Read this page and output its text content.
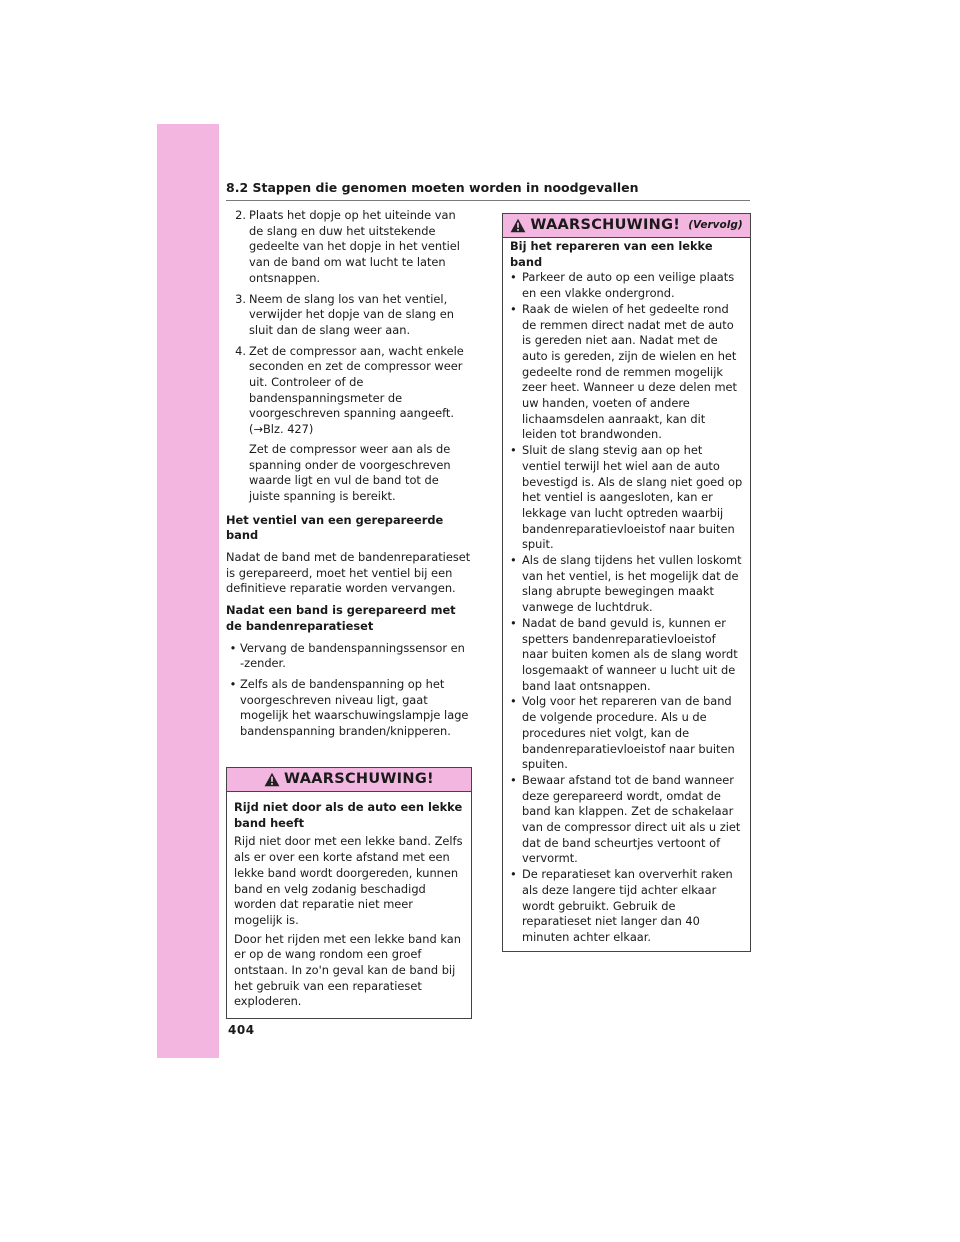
8.2 Stappen die genomen moeten worden in noodgevallen
2. Plaats het dopje op het uiteinde van de slang en duw het uitstekende gedeelte van het dopje in het ventiel van de band om wat lucht te laten ontsnappen.
3. Neem de slang los van het ventiel, verwijder het dopje van de slang en sluit dan de slang weer aan.
4. Zet de compressor aan, wacht enkele seconden en zet de compressor weer uit. Controleer of de bandenspanningsmeter de voorgeschreven spanning aangeeft. (→Blz. 427)
Zet de compressor weer aan als de spanning onder de voorgeschreven waarde ligt en vul de band tot de juiste spanning is bereikt.

Het ventiel van een gerepareerde band

Nadat de band met de bandenreparatieset is gerepareerd, moet het ventiel bij een definitieve reparatie worden vervangen.

Nadat een band is gerepareerd met de bandenreparatieset

• Vervang de bandenspanningssensor en -zender.
• Zelfs als de bandenspanning op het voorgeschreven niveau ligt, gaat mogelijk het waarschuwingslampje lage bandenspanning branden/knipperen.
WAARSCHUWING!

Rijd niet door als de auto een lekke band heeft

Rijd niet door met een lekke band. Zelfs als er over een korte afstand met een lekke band wordt doorgereden, kunnen band en velg zodanig beschadigd worden dat reparatie niet meer mogelijk is.

Door het rijden met een lekke band kan er op de wang rondom een groef ontstaan. In zo'n geval kan de band bij het gebruik van een reparatieset exploderen.

WAARSCHUWING! (Vervolg)

Bij het repareren van een lekke band

• Parkeer de auto op een veilige plaats en een vlakke ondergrond.
• Raak de wielen of het gedeelte rond de remmen direct nadat met de auto is gereden niet aan. Nadat met de auto is gereden, zijn de wielen en het gedeelte rond de remmen mogelijk zeer heet. Wanneer u deze delen met uw handen, voeten of andere lichaamsdelen aanraakt, kan dit leiden tot brandwonden.
• Sluit de slang stevig aan op het ventiel terwijl het wiel aan de auto bevestigd is. Als de slang niet goed op het ventiel is aangesloten, kan er lekkage van lucht optreden waarbij bandenreparatievloeistof naar buiten spuit.
• Als de slang tijdens het vullen loskomt van het ventiel, is het mogelijk dat de slang abrupte bewegingen maakt vanwege de luchtdruk.
• Nadat de band gevuld is, kunnen er spetters bandenreparatievloeistof naar buiten komen als de slang wordt losgemaakt of wanneer u lucht uit de band laat ontsnappen.
• Volg voor het repareren van de band de volgende procedure. Als u de procedures niet volgt, kan de bandenreparatievloeistof naar buiten spuiten.
• Bewaar afstand tot de band wanneer deze gerepareerd wordt, omdat de band kan klappen. Zet de schakelaar van de compressor direct uit als u ziet dat de band scheurtjes vertoont of vervormt.
• De reparatieset kan oververhit raken als deze langere tijd achter elkaar wordt gebruikt. Gebruik de reparatieset niet langer dan 40 minuten achter elkaar.
404
